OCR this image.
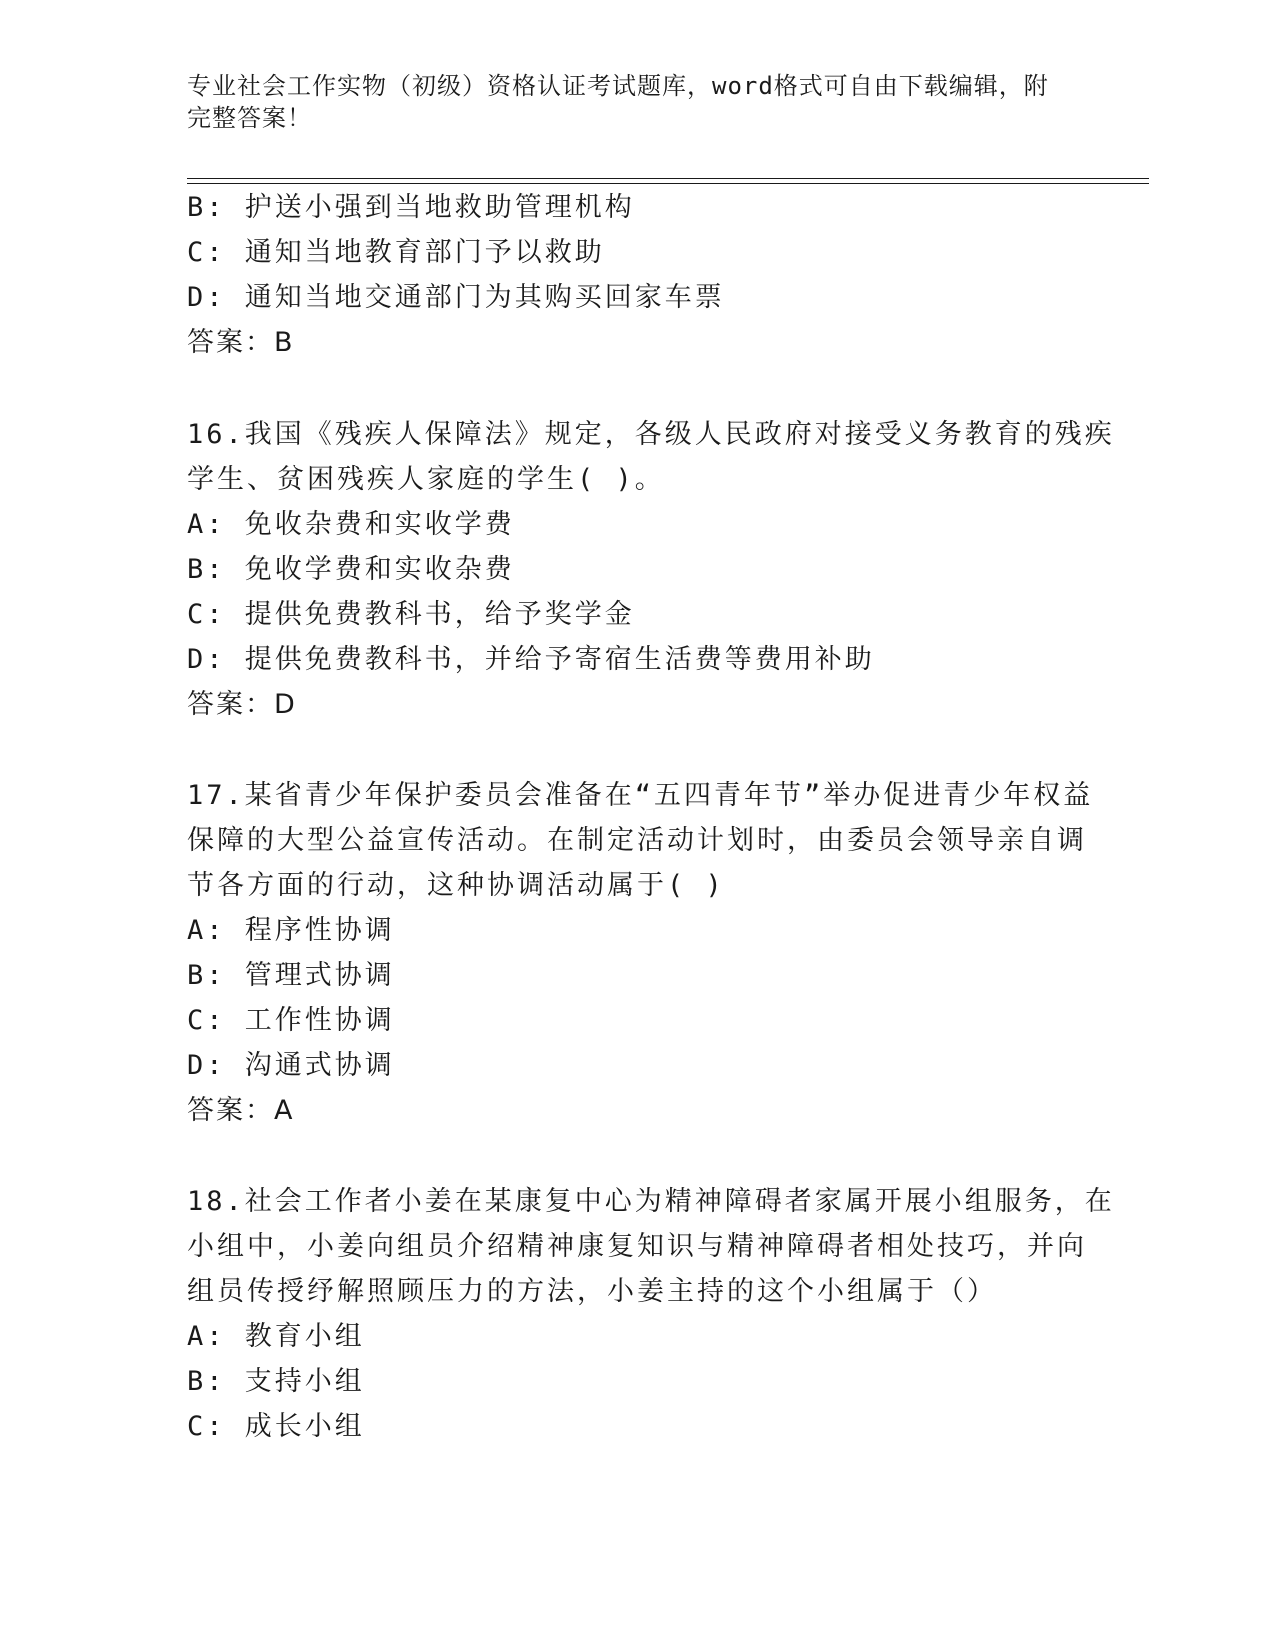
专业社会工作实物（初级）资格认证考试题库，word格式可自由下载编辑，附完整答案！
B: 护送小强到当地救助管理机构
C: 通知当地教育部门予以救助
D: 通知当地交通部门为其购买回家车票
答案：B
16.我国《残疾人保障法》规定，各级人民政府对接受义务教育的残疾
学生、贫困残疾人家庭的学生( )。
A: 免收杂费和实收学费
B: 免收学费和实收杂费
C: 提供免费教科书，给予奖学金
D: 提供免费教科书，并给予寄宿生活费等费用补助
答案：D
17.某省青少年保护委员会准备在“五四青年节”举办促进青少年权益
保障的大型公益宣传活动。在制定活动计划时，由委员会领导亲自调
节各方面的行动，这种协调活动属于( )
A: 程序性协调
B: 管理式协调
C: 工作性协调
D: 沟通式协调
答案：A
18.社会工作者小姜在某康复中心为精神障碍者家属开展小组服务，在
小组中，小姜向组员介绍精神康复知识与精神障碍者相处技巧，并向
组员传授纾解照顾压力的方法，小姜主持的这个小组属于（）
A: 教育小组
B: 支持小组
C: 成长小组
